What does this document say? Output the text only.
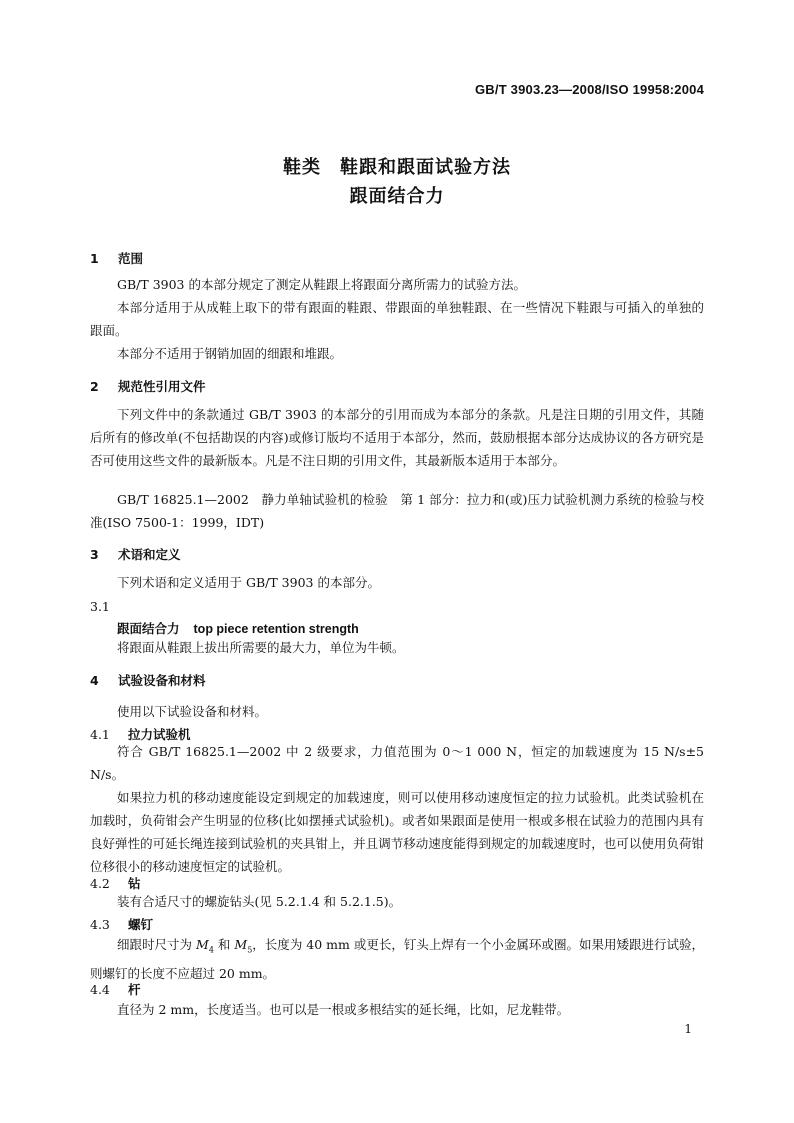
GB/T 3903.23—2008/ISO 19958:2004
鞋类　鞋跟和跟面试验方法
跟面结合力
1 范围
GB/T 3903 的本部分规定了测定从鞋跟上将跟面分离所需力的试验方法。
本部分适用于从成鞋上取下的带有跟面的鞋跟、带跟面的单独鞋跟、在一些情况下鞋跟与可插入的单独的跟面。
本部分不适用于钢销加固的细跟和堆跟。
2 规范性引用文件
下列文件中的条款通过 GB/T 3903 的本部分的引用而成为本部分的条款。凡是注日期的引用文件，其随后所有的修改单(不包括勘误的内容)或修订版均不适用于本部分，然而，鼓励根据本部分达成协议的各方研究是否可使用这些文件的最新版本。凡是不注日期的引用文件，其最新版本适用于本部分。
GB/T 16825.1—2002　静力单轴试验机的检验　第 1 部分：拉力和(或)压力试验机测力系统的检验与校准(ISO 7500-1：1999，IDT)
3 术语和定义
下列术语和定义适用于 GB/T 3903 的本部分。
3.1
跟面结合力 top piece retention strength
将跟面从鞋跟上拔出所需要的最大力，单位为牛顿。
4 试验设备和材料
使用以下试验设备和材料。
4.1 拉力试验机
符合 GB/T 16825.1—2002 中 2 级要求，力值范围为 0～1 000 N，恒定的加载速度为 15 N/s±5 N/s。
如果拉力机的移动速度能设定到规定的加载速度，则可以使用移动速度恒定的拉力试验机。此类试验机在加载时，负荷钳会产生明显的位移(比如摆捶式试验机)。或者如果跟面是使用一根或多根在试验力的范围内具有良好弹性的可延长绳连接到试验机的夹具钳上，并且调节移动速度能得到规定的加载速度时，也可以使用负荷钳位移很小的移动速度恒定的试验机。
4.2 钻
装有合适尺寸的螺旋钻头(见 5.2.1.4 和 5.2.1.5)。
4.3 螺钉
细跟时尺寸为 $M_4$ 和 $M_5$，长度为 40 mm 或更长，钉头上焊有一个小金属环或圈。如果用矮跟进行试验，则螺钉的长度不应超过 20 mm。
4.4 杆
直径为 2 mm，长度适当。也可以是一根或多根结实的延长绳，比如，尼龙鞋带。
1
